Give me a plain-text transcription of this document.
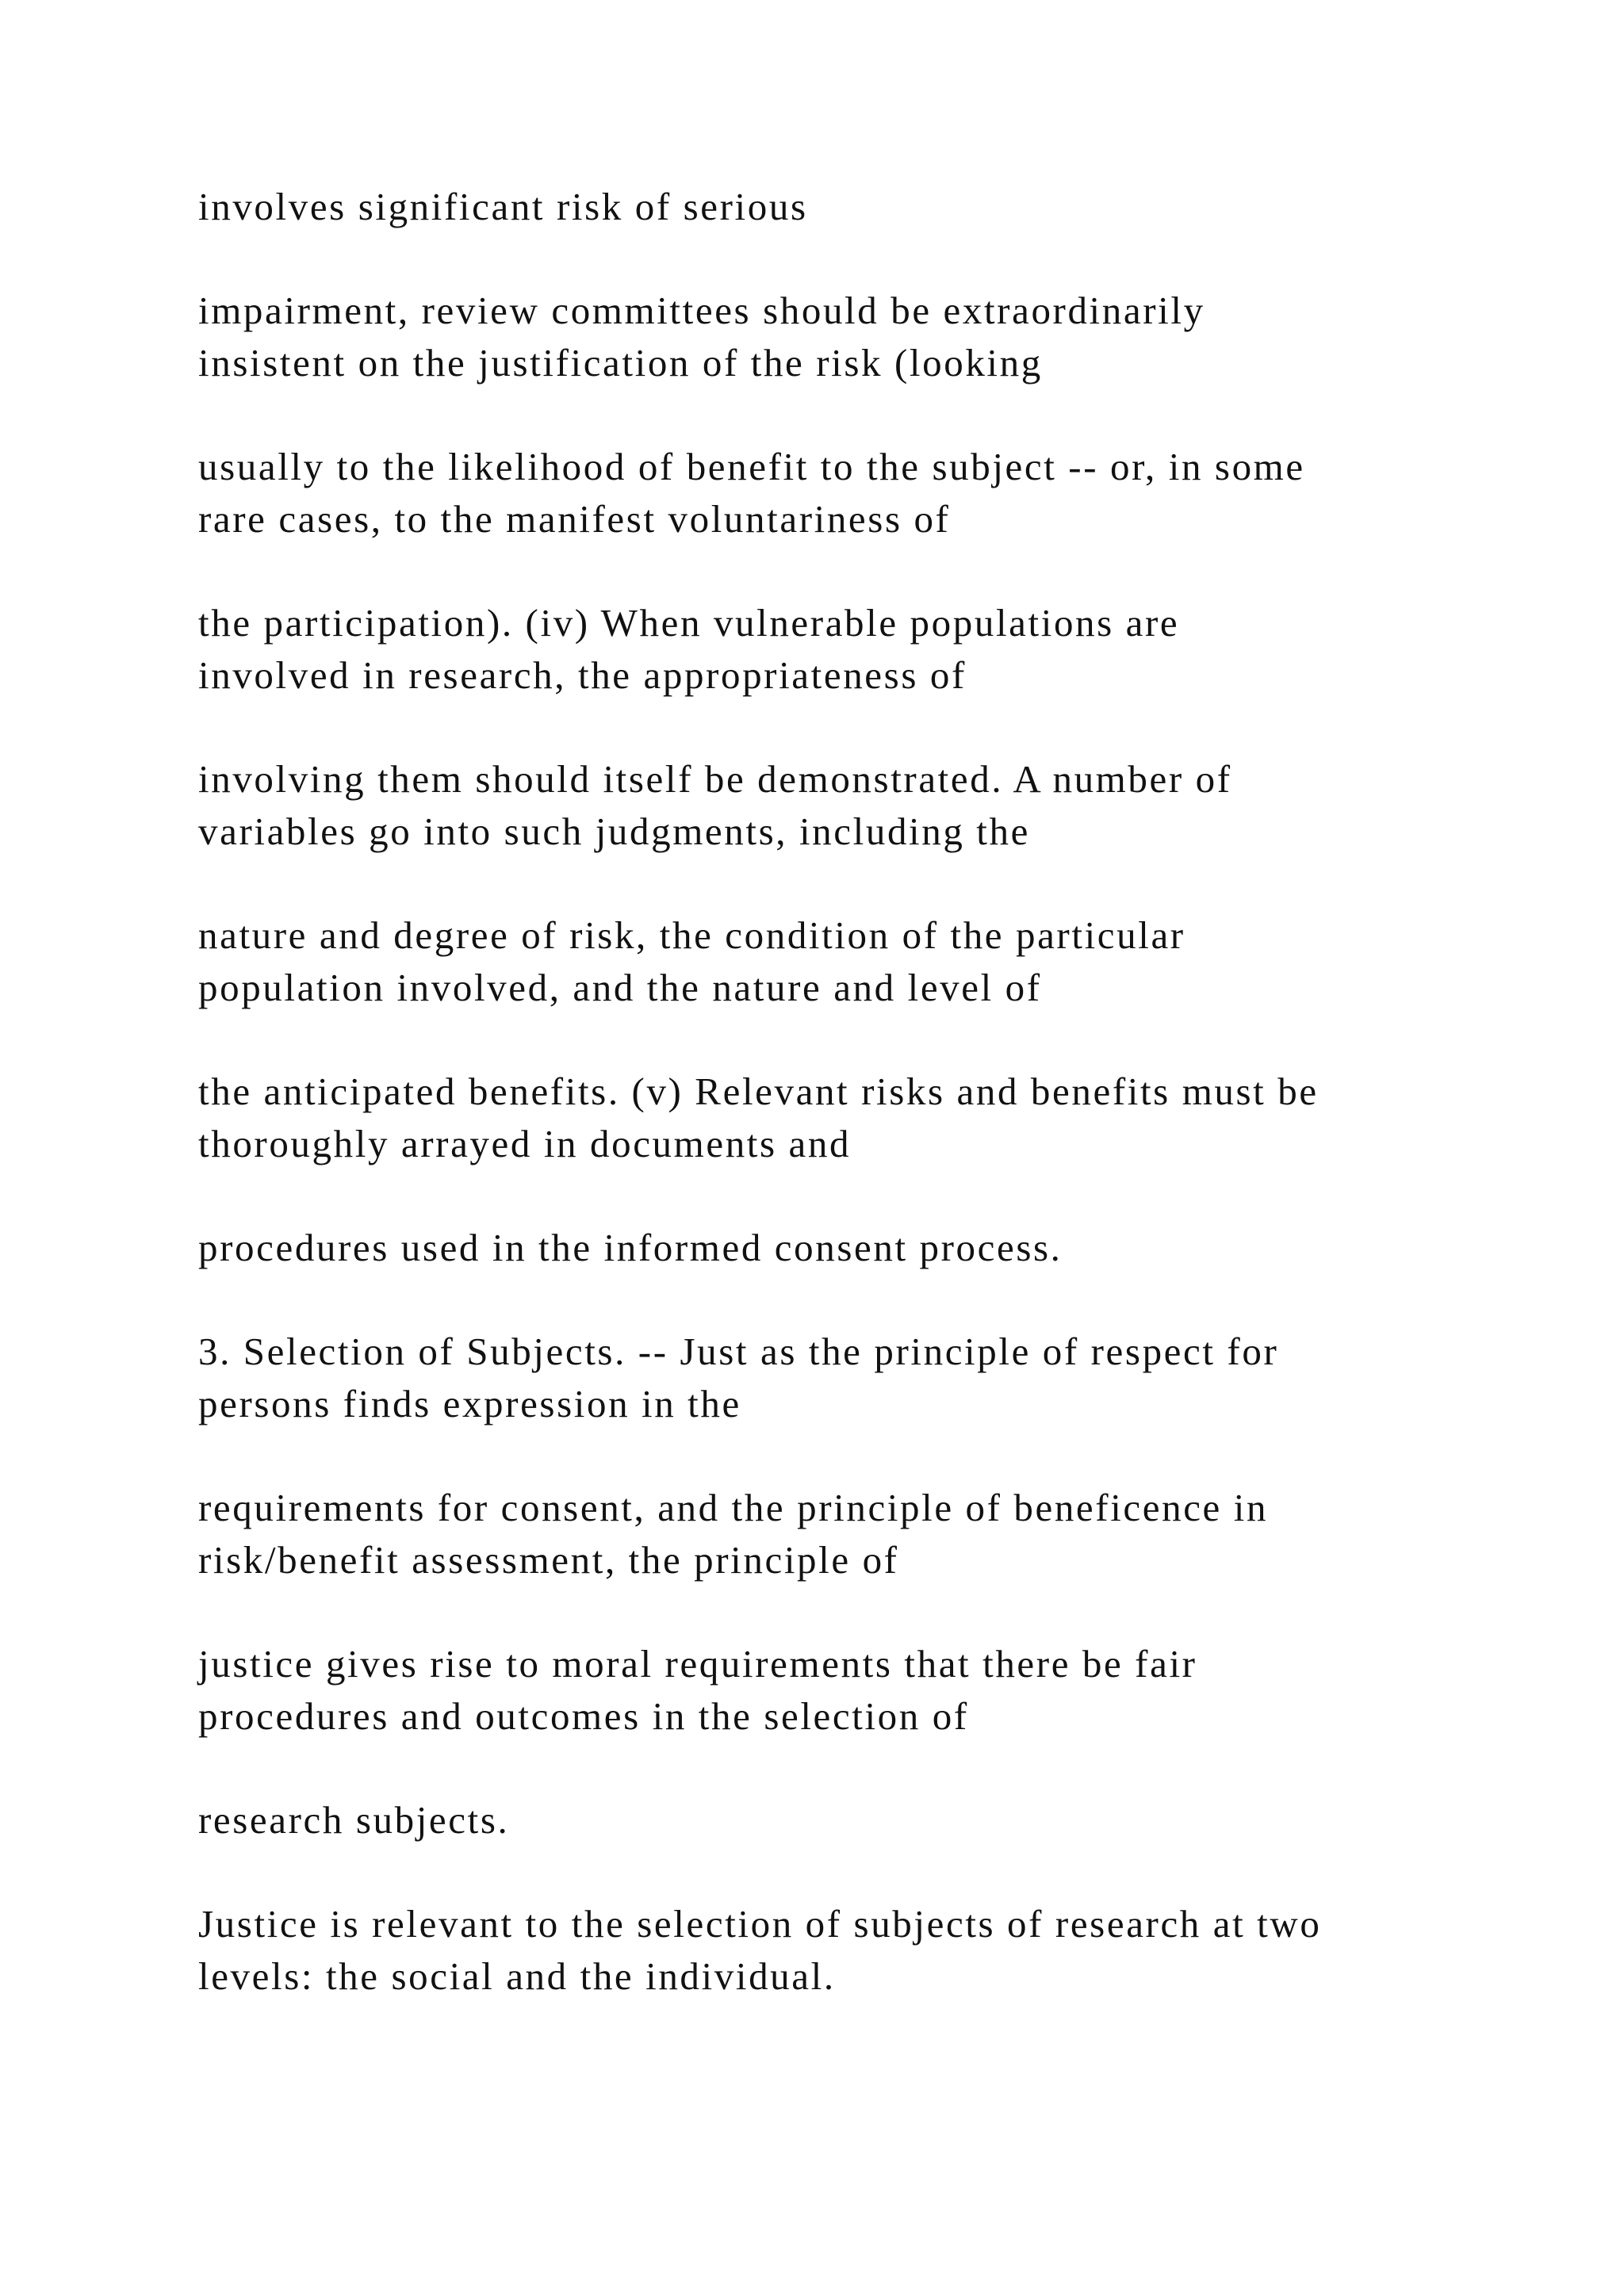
involves significant risk of serious

impairment, review committees should be extraordinarily
insistent on the justification of the risk (looking

usually to the likelihood of benefit to the subject -- or, in some
rare cases, to the manifest voluntariness of

the participation). (iv) When vulnerable populations are
involved in research, the appropriateness of

involving them should itself be demonstrated. A number of
variables go into such judgments, including the

nature and degree of risk, the condition of the particular
population involved, and the nature and level of

the anticipated benefits. (v) Relevant risks and benefits must be
thoroughly arrayed in documents and

procedures used in the informed consent process.

3. Selection of Subjects. -- Just as the principle of respect for
persons finds expression in the

requirements for consent, and the principle of beneficence in
risk/benefit assessment, the principle of

justice gives rise to moral requirements that there be fair
procedures and outcomes in the selection of

research subjects.

Justice is relevant to the selection of subjects of research at two
levels: the social and the individual.
